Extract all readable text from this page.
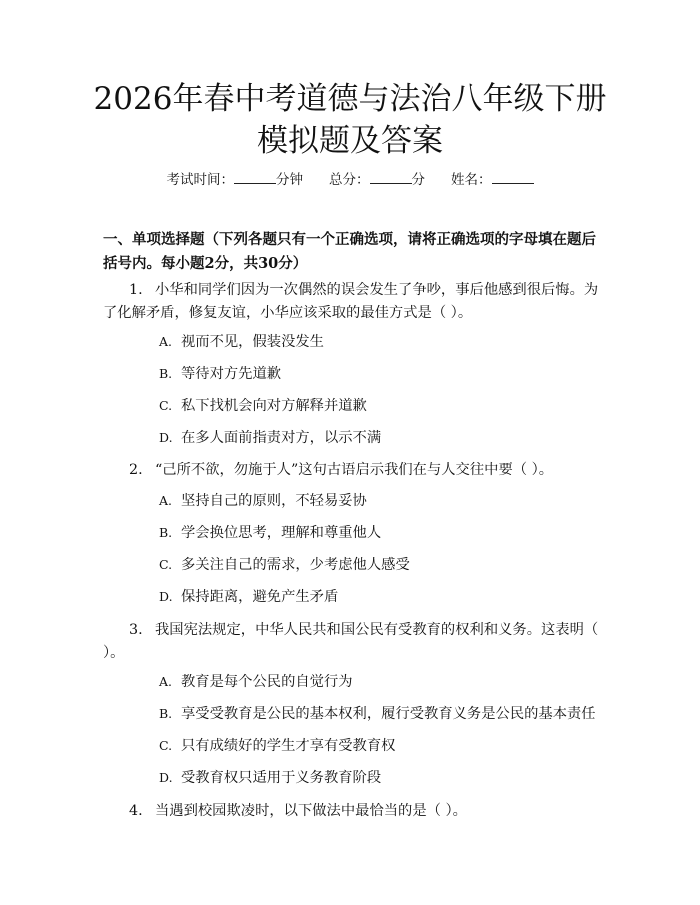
2026年春中考道德与法治八年级下册模拟题及答案
考试时间：	分钟 总分：	分 姓名：

一、单项选择题（下列各题只有一个正确选项，请将正确选项的字母填在题后括号内。每小题2分，共30分）

1. 小华和同学们因为一次偶然的误会发生了争吵，事后他感到很后悔。为了化解矛盾，修复友谊，小华应该采取的最佳方式是（ ）。
A. 视而不见，假装没发生
B. 等待对方先道歉
C. 私下找机会向对方解释并道歉
D. 在多人面前指责对方，以示不满
2. “己所不欲，勿施于人”这句古语启示我们在与人交往中要（ ）。
A. 坚持自己的原则，不轻易妥协
B. 学会换位思考，理解和尊重他人
C. 多关注自己的需求，少考虑他人感受
D. 保持距离，避免产生矛盾
3. 我国宪法规定，中华人民共和国公民有受教育的权利和义务。这表明（ ）。
A. 教育是每个公民的自觉行为
B. 享受受教育是公民的基本权利，履行受教育义务是公民的基本责任
C. 只有成绩好的学生才享有受教育权
D. 受教育权只适用于义务教育阶段
4. 当遇到校园欺凌时，以下做法中最恰当的是（ ）。
